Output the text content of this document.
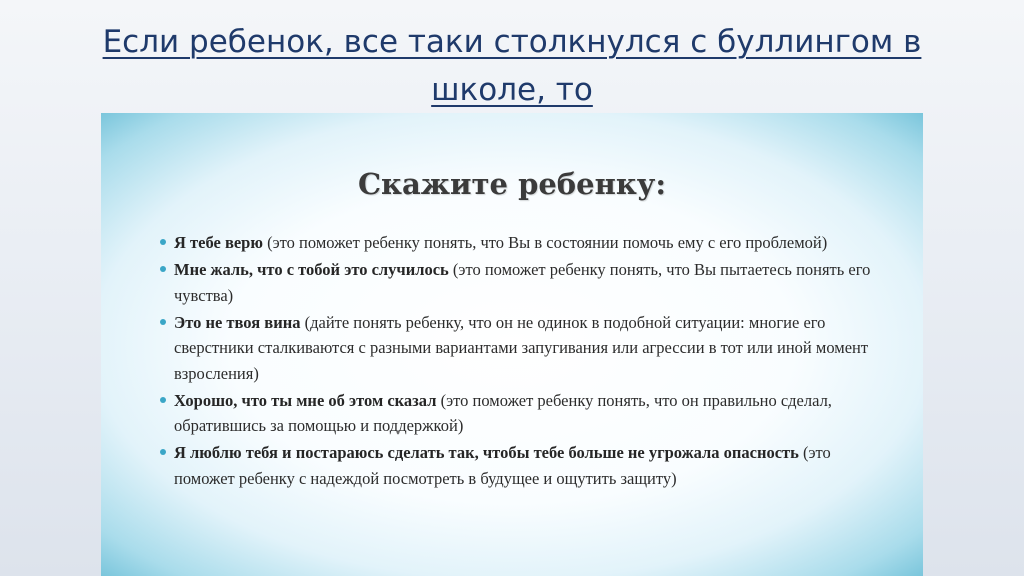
Если ребенок, все таки столкнулся с буллингом в школе, то
Скажите ребенку:
Я тебе верю (это поможет ребенку понять, что Вы в состоянии помочь ему с его проблемой)
Мне жаль, что с тобой это случилось (это поможет ребенку понять, что Вы пытаетесь понять его чувства)
Это не твоя вина (дайте понять ребенку, что он не одинок в подобной ситуации: многие его сверстники сталкиваются с разными вариантами запугивания или агрессии в тот или иной момент взросления)
Хорошо, что ты мне об этом сказал (это поможет ребенку понять, что он правильно сделал, обратившись за помощью и поддержкой)
Я люблю тебя и постараюсь сделать так, чтобы тебе больше не угрожала опасность (это поможет ребенку с надеждой посмотреть в будущее и ощутить защиту)
